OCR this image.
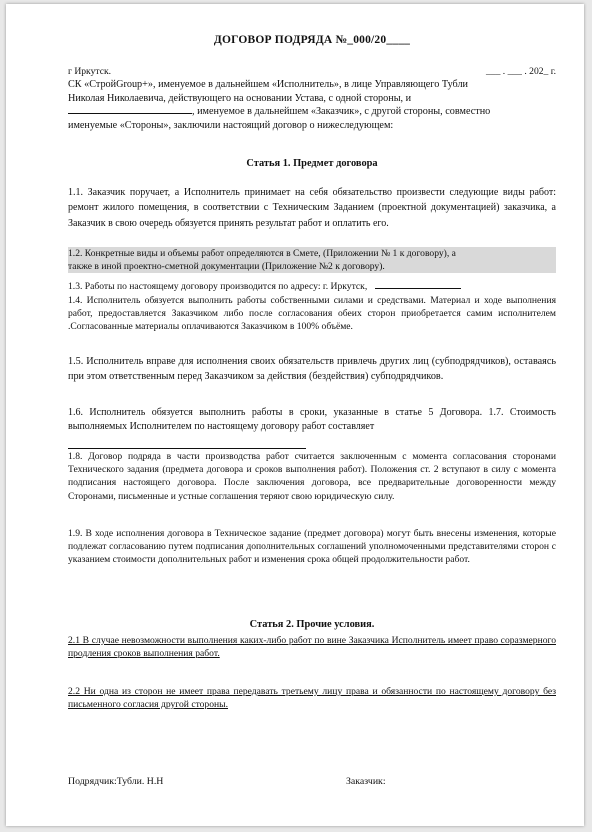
ДОГОВОР ПОДРЯДА №_000/20____
г Иркутск.	___ . ___ . 202_ г.
СК «СтройGroup+», именуемое в дальнейшем «Исполнитель», в лице Управляющего Тубли
Николая Николаевича, действующего на основании Устава, с одной стороны, и
, именуемое в дальнейшем «Заказчик», с другой стороны, совместно
именуемые «Стороны», заключили настоящий договор о нижеследующем:
Статья 1. Предмет договора
1.1. Заказчик поручает, а Исполнитель принимает на себя обязательство произвести следующие виды работ: ремонт жилого помещения, в соответствии с Техническим Заданием (проектной документацией) заказчика, а Заказчик в свою очередь обязуется принять результат работ и оплатить его.
1.2. Конкретные виды и объемы работ определяются в Смете, (Приложении № 1 к договору), а
также в иной проектно-сметной документации (Приложение №2 к договору).
1.3. Работы по настоящему договору производится по адресу: г. Иркутск,
1.4. Исполнитель обязуется выполнить работы собственными силами и средствами. Материал и ходе выполнения работ, предоставляется Заказчиком либо после согласования обеих сторон приобретается самим исполнителем .Согласованные материалы оплачиваются Заказчиком в 100% объёме.
1.5. Исполнитель вправе для исполнения своих обязательств привлечь других лиц (субподрядчиков), оставаясь при этом ответственным перед Заказчиком за действия (бездействия) субподрядчиков.
1.6. Исполнитель обязуется выполнить работы в сроки, указанные в статье 5 Договора. 1.7. Стоимость выполняемых Исполнителем по настоящему договору работ составляет
1.8. Договор подряда в части производства работ считается заключенным с момента согласования сторонами Технического задания (предмета договора и сроков выполнения работ). Положения ст. 2 вступают в силу с момента подписания настоящего договора. После заключения договора, все предварительные договоренности между Сторонами, письменные и устные соглашения теряют свою юридическую силу.
1.9. В ходе исполнения договора в Техническое задание (предмет договора) могут быть внесены изменения, которые подлежат согласованию путем подписания дополнительных соглашений уполномоченными представителями сторон с указанием стоимости дополнительных работ и изменения срока общей продолжительности работ.
Статья 2. Прочие условия.
2.1 В случае невозможности выполнения каких-либо работ по вине Заказчика Исполнитель имеет право соразмерного продления сроков выполнения работ.
2.2 Ни одна из сторон не имеет права передавать третьему лицу права и обязанности по настоящему договору без письменного согласия другой стороны.
Подрядчик:Тубли. Н.Н	Заказчик:
